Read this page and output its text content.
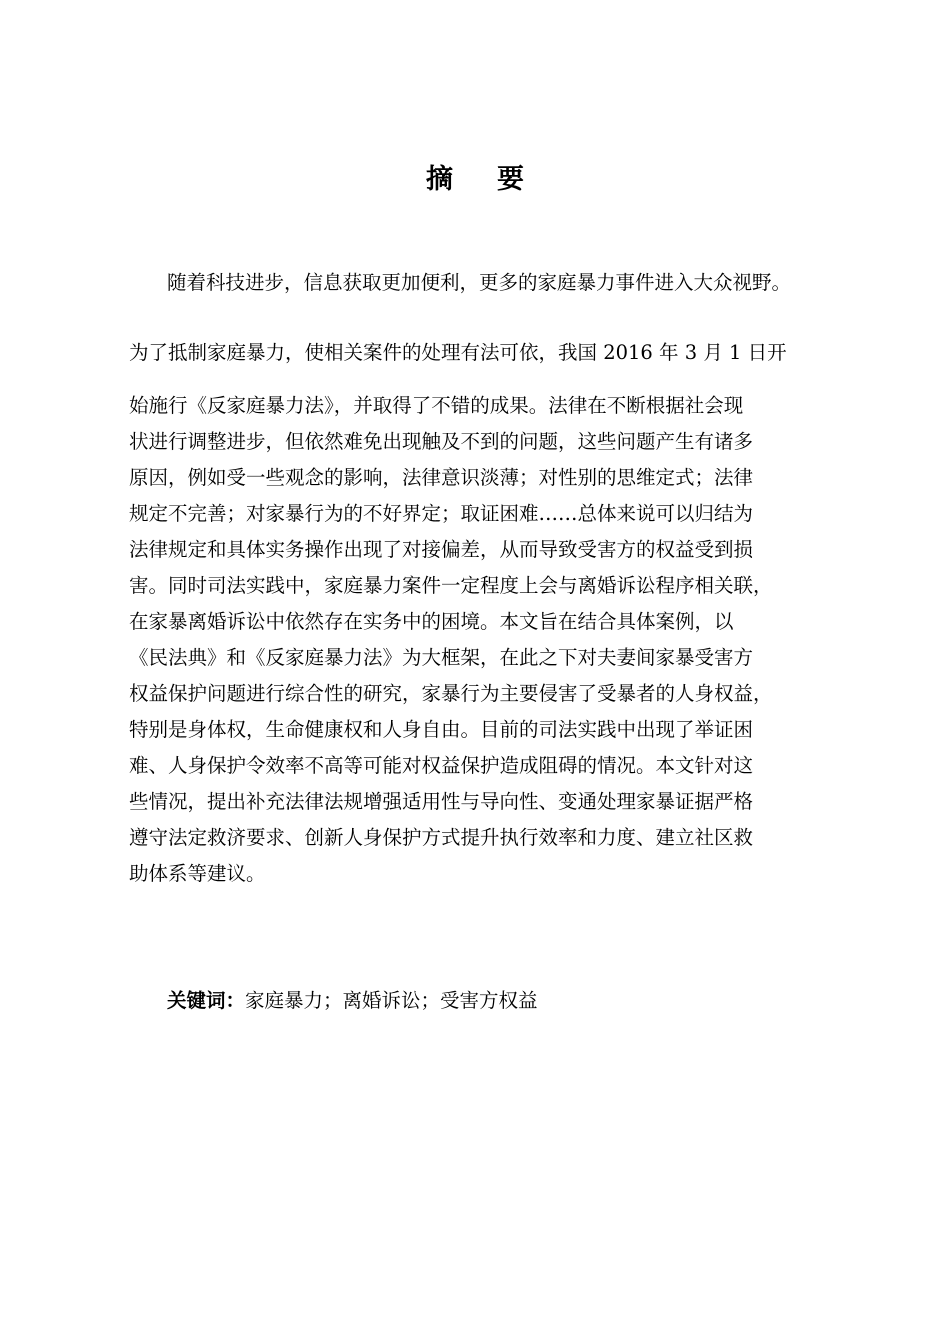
摘 要
随着科技进步，信息获取更加便利，更多的家庭暴力事件进入大众视野。
为了抵制家庭暴力，使相关案件的处理有法可依，我国 2016 年 3 月 1 日开
始施行《反家庭暴力法》，并取得了不错的成果。法律在不断根据社会现
状进行调整进步，但依然难免出现触及不到的问题，这些问题产生有诸多
原因，例如受一些观念的影响，法律意识淡薄；对性别的思维定式；法律
规定不完善；对家暴行为的不好界定；取证困难……总体来说可以归结为
法律规定和具体实务操作出现了对接偏差，从而导致受害方的权益受到损
害。同时司法实践中，家庭暴力案件一定程度上会与离婚诉讼程序相关联，
在家暴离婚诉讼中依然存在实务中的困境。本文旨在结合具体案例，以
《民法典》和《反家庭暴力法》为大框架，在此之下对夫妻间家暴受害方
权益保护问题进行综合性的研究，家暴行为主要侵害了受暴者的人身权益，
特别是身体权，生命健康权和人身自由。目前的司法实践中出现了举证困
难、人身保护令效率不高等可能对权益保护造成阻碍的情况。本文针对这
些情况，提出补充法律法规增强适用性与导向性、变通处理家暴证据严格
遵守法定救济要求、创新人身保护方式提升执行效率和力度、建立社区救
助体系等建议。
关键词：家庭暴力；离婚诉讼；受害方权益
